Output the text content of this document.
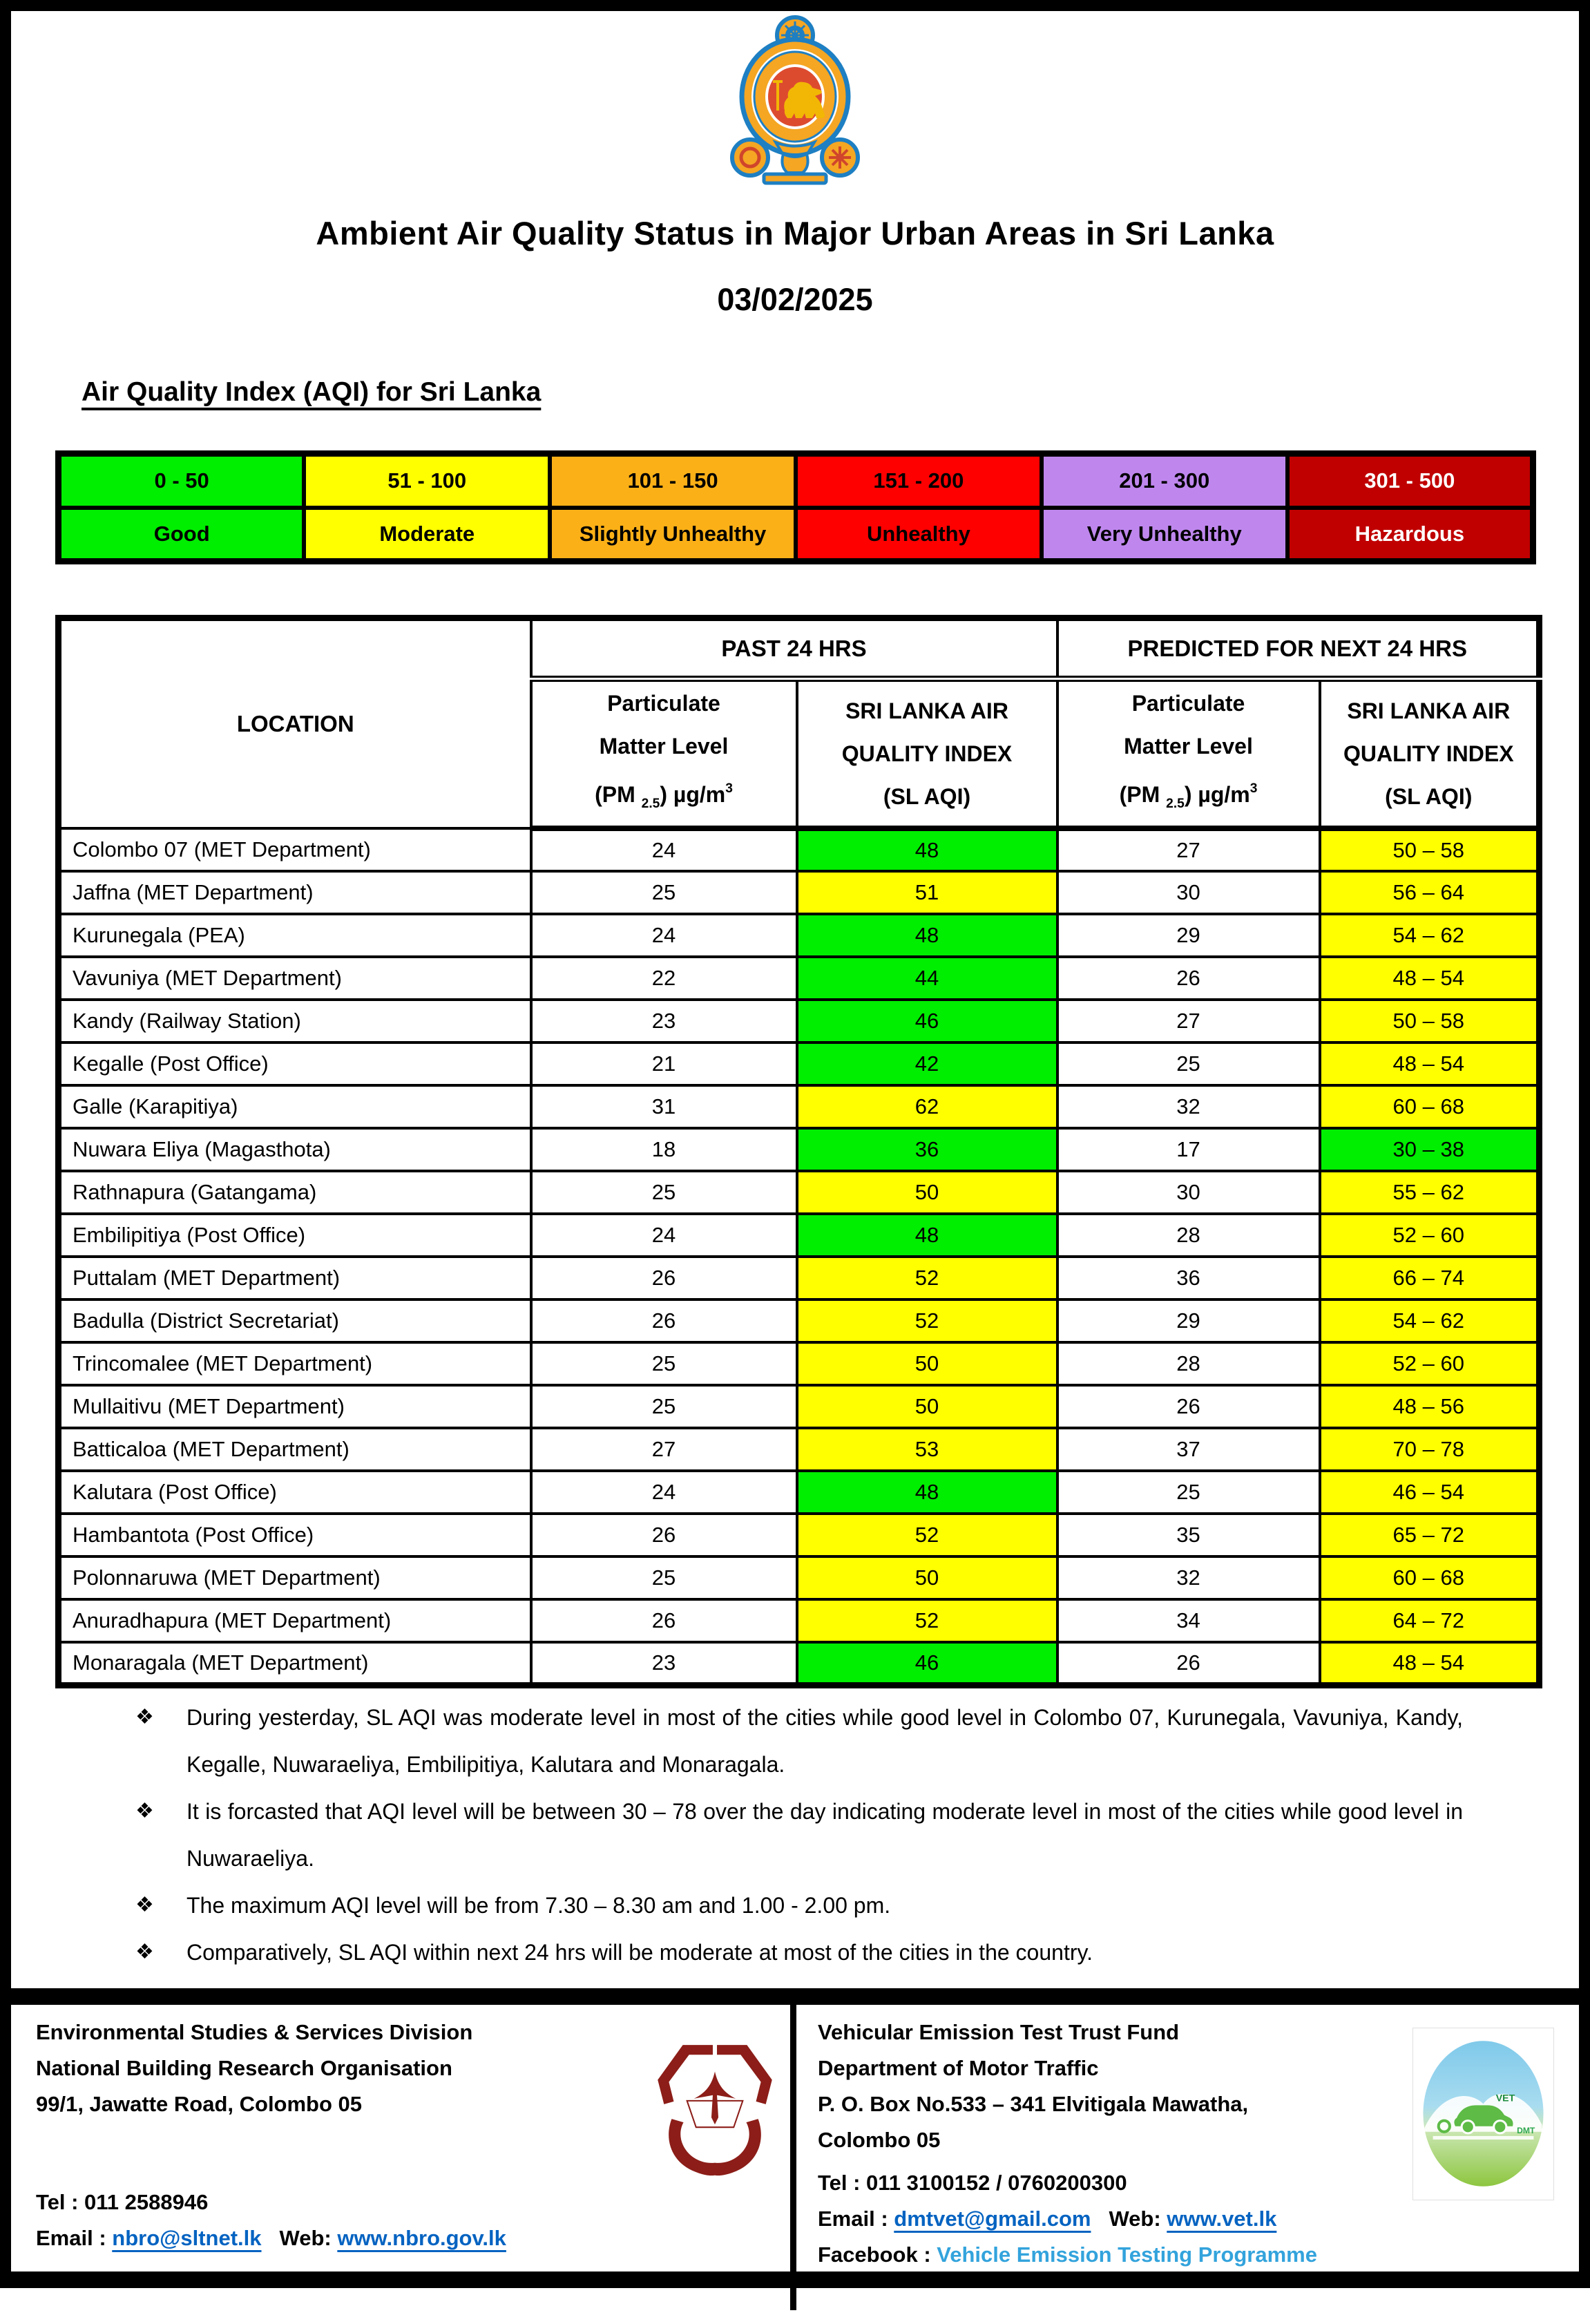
Ambient Air Quality Status in Major Urban Areas in Sri Lanka
03/02/2025
Air Quality Index (AQI) for Sri Lanka
0 - 50	51 - 100	101 - 150	151 - 200	201 - 300	301 - 500
Good	Moderate	Slightly Unhealthy	Unhealthy	Very Unhealthy	Hazardous
LOCATION	PAST 24 HRS		PREDICTED FOR NEXT 24 HRS	

Particulate
Matter Level
(PM $_{2.5}$) $\mu g/m^3$

SRI LANKA AIR
QUALITY INDEX
(SL AQI)

Particulate
Matter Level
(PM $_{2.5}$) $\mu g/m^3$

SRI LANKA AIR
QUALITY INDEX
(SL AQI)

Colombo 07 (MET Department)	24	48	27	50 – 58
Jaffna (MET Department)	25	51	30	56 – 64
Kurunegala (PEA)	24	48	29	54 – 62
Vavuniya (MET Department)	22	44	26	48 – 54
Kandy (Railway Station)	23	46	27	50 – 58
Kegalle (Post Office)	21	42	25	48 – 54
Galle (Karapitiya)	31	62	32	60 – 68
Nuwara Eliya (Magasthota)	18	36	17	30 – 38
Rathnapura (Gatangama)	25	50	30	55 – 62
Embilipitiya (Post Office)	24	48	28	52 – 60
Puttalam (MET Department)	26	52	36	66 – 74
Badulla (District Secretariat)	26	52	29	54 – 62
Trincomalee (MET Department)	25	50	28	52 – 60
Mullaitivu (MET Department)	25	50	26	48 – 56
Batticaloa (MET Department)	27	53	37	70 – 78
Kalutara (Post Office)	24	48	25	46 – 54
Hambantota (Post Office)	26	52	35	65 – 72
Polonnaruwa (MET Department)	25	50	32	60 – 68
Anuradhapura (MET Department)	26	52	34	64 – 72
Monaragala (MET Department)	23	46	26	48 – 54
❖ During yesterday, SL AQI was moderate level in most of the cities while good level in Colombo 07, Kurunegala, Vavuniya, Kandy, Kegalle, Nuwaraeliya, Embilipitiya, Kalutara and Monaragala.
❖ It is forcasted that AQI level will be between 30 – 78 over the day indicating moderate level in most of the cities while good level in Nuwaraeliya.
❖ The maximum AQI level will be from 7.30 – 8.30 am and 1.00 - 2.00 pm.
❖ Comparatively, SL AQI within next 24 hrs will be moderate at most of the cities in the country.
Environmental Studies & Services Division
National Building Research Organisation
99/1, Jawatte Road, Colombo 05
Tel : 011 2588946
Email : nbro@sltnet.lk Web: www.nbro.gov.lk
Vehicular Emission Test Trust Fund
Department of Motor Traffic
P. O. Box No.533 – 341 Elvitigala Mawatha,
Colombo 05
Tel : 011 3100152 / 0760200300
Email : dmtvet@gmail.com Web: www.vet.lk
Facebook : Vehicle Emission Testing Programme
VET
DMT
